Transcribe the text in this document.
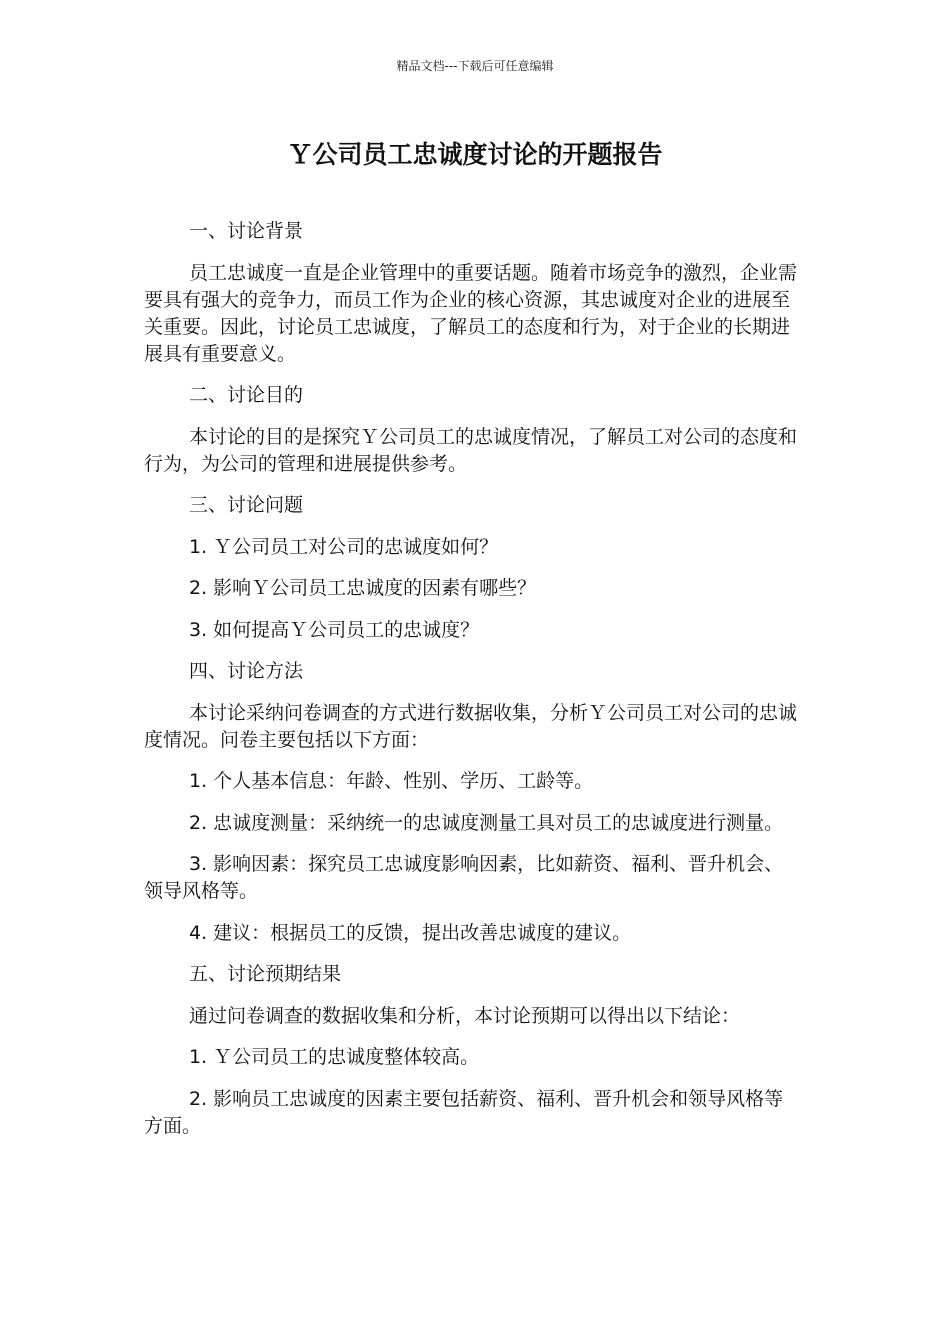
精品文档---下载后可任意编辑
Ｙ公司员工忠诚度讨论的开题报告

一、讨论背景

员工忠诚度一直是企业管理中的重要话题。随着市场竞争的激烈，企业需要具有强大的竞争力，而员工作为企业的核心资源，其忠诚度对企业的进展至关重要。因此，讨论员工忠诚度，了解员工的态度和行为，对于企业的长期进展具有重要意义。

二、讨论目的

本讨论的目的是探究Ｙ公司员工的忠诚度情况，了解员工对公司的态度和行为，为公司的管理和进展提供参考。

三、讨论问题

1. Ｙ公司员工对公司的忠诚度如何？

2. 影响Ｙ公司员工忠诚度的因素有哪些？

3. 如何提高Ｙ公司员工的忠诚度？

四、讨论方法

本讨论采纳问卷调查的方式进行数据收集，分析Ｙ公司员工对公司的忠诚度情况。问卷主要包括以下方面：

1. 个人基本信息：年龄、性别、学历、工龄等。

2. 忠诚度测量：采纳统一的忠诚度测量工具对员工的忠诚度进行测量。

3. 影响因素：探究员工忠诚度影响因素，比如薪资、福利、晋升机会、领导风格等。

4. 建议：根据员工的反馈，提出改善忠诚度的建议。

五、讨论预期结果

通过问卷调查的数据收集和分析，本讨论预期可以得出以下结论：

1. Ｙ公司员工的忠诚度整体较高。

2. 影响员工忠诚度的因素主要包括薪资、福利、晋升机会和领导风格等方面。
